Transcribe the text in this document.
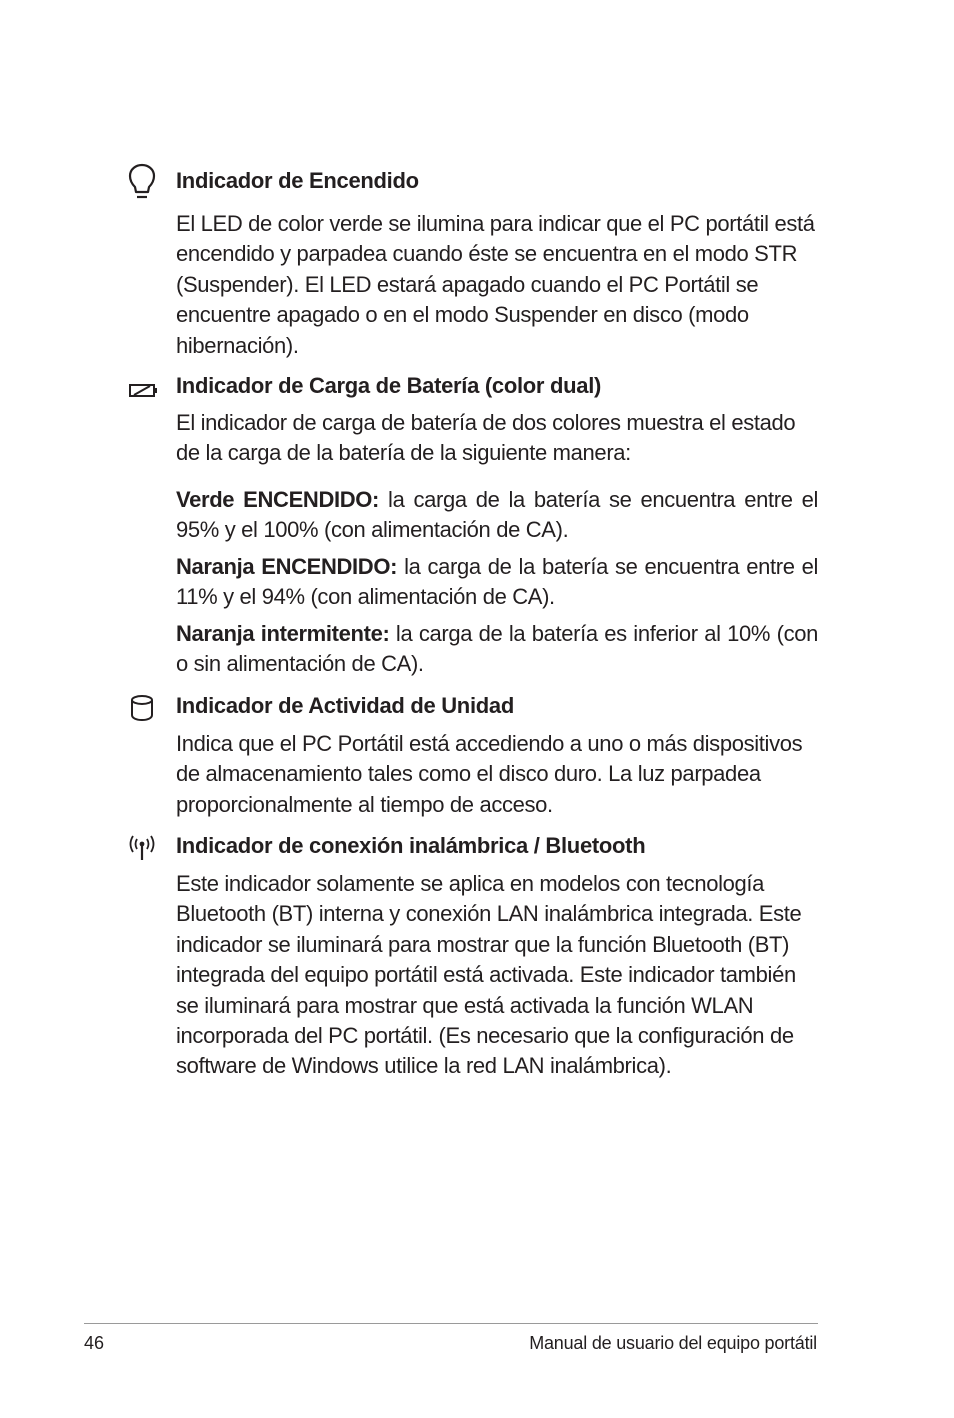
Indicador de Encendido
El LED de color verde se ilumina para indicar que el PC portátil está encendido y parpadea cuando éste se encuentra en el modo STR (Suspender). El LED estará apagado cuando el PC Portátil se encuentre apagado o en el modo Suspender en disco (modo hibernación).
Indicador de Carga de Batería (color dual)
El indicador de carga de batería de dos colores muestra el estado de la carga de la batería de la siguiente manera:
Verde ENCENDIDO: la carga de la batería se encuentra entre el 95% y el 100% (con alimentación de CA).
Naranja ENCENDIDO: la carga de la batería se encuentra entre el 11% y el 94% (con alimentación de CA).
Naranja intermitente: la carga de la batería es inferior al 10% (con o sin alimentación de CA).
Indicador de Actividad de Unidad
Indica que el PC Portátil está accediendo a uno o más dispositivos de almacenamiento tales como el disco duro. La luz parpadea proporcionalmente al tiempo de acceso.
Indicador de conexión inalámbrica / Bluetooth
Este indicador solamente se aplica en modelos con tecnología Bluetooth (BT) interna y conexión LAN inalámbrica integrada. Este indicador se iluminará para mostrar que la función Bluetooth (BT) integrada del equipo portátil está activada. Este indicador también se iluminará para mostrar que está activada la función WLAN incorporada del PC portátil. (Es necesario que la configuración de software de Windows utilice la red LAN inalámbrica).
46	Manual de usuario del equipo portátil
